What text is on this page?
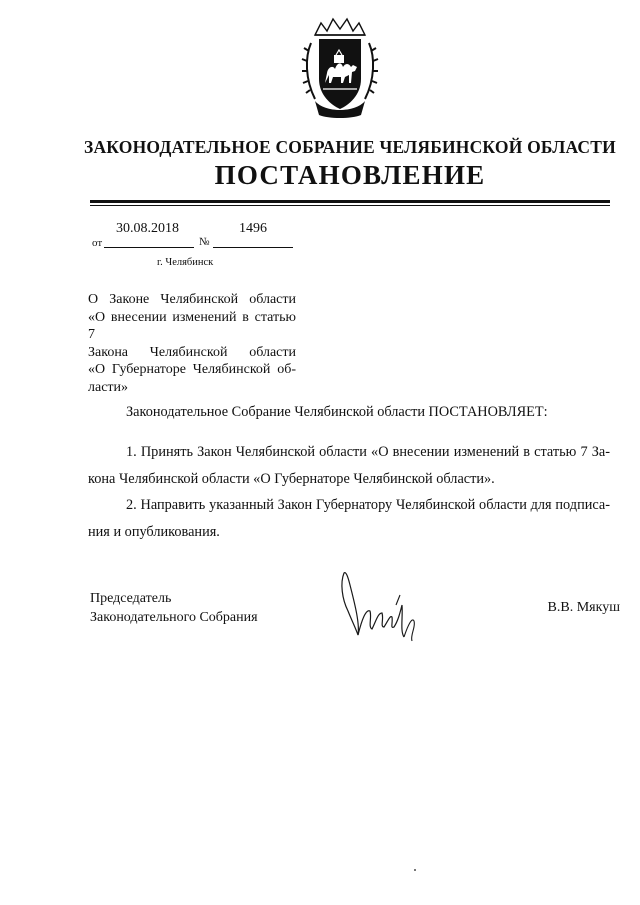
ЗАКОНОДАТЕЛЬНОЕ СОБРАНИЕ ЧЕЛЯБИНСКОЙ ОБЛАСТИ
ПОСТАНОВЛЕНИЕ
30.08.2018	1496
от	№
г. Челябинск
О Законе Челябинской области
«О внесении изменений в статью 7
Закона Челябинской области
«О Губернаторе Челябинской об-
ласти»
Законодательное Собрание Челябинской области ПОСТАНОВЛЯЕТ:
1. Принять Закон Челябинской области «О внесении изменений в статью 7 За-
кона Челябинской области «О Губернаторе Челябинской области».
2. Направить указанный Закон Губернатору Челябинской области для подписа-
ния и опубликования.
Председатель
Законодательного Собрания
В.В. Мякуш
